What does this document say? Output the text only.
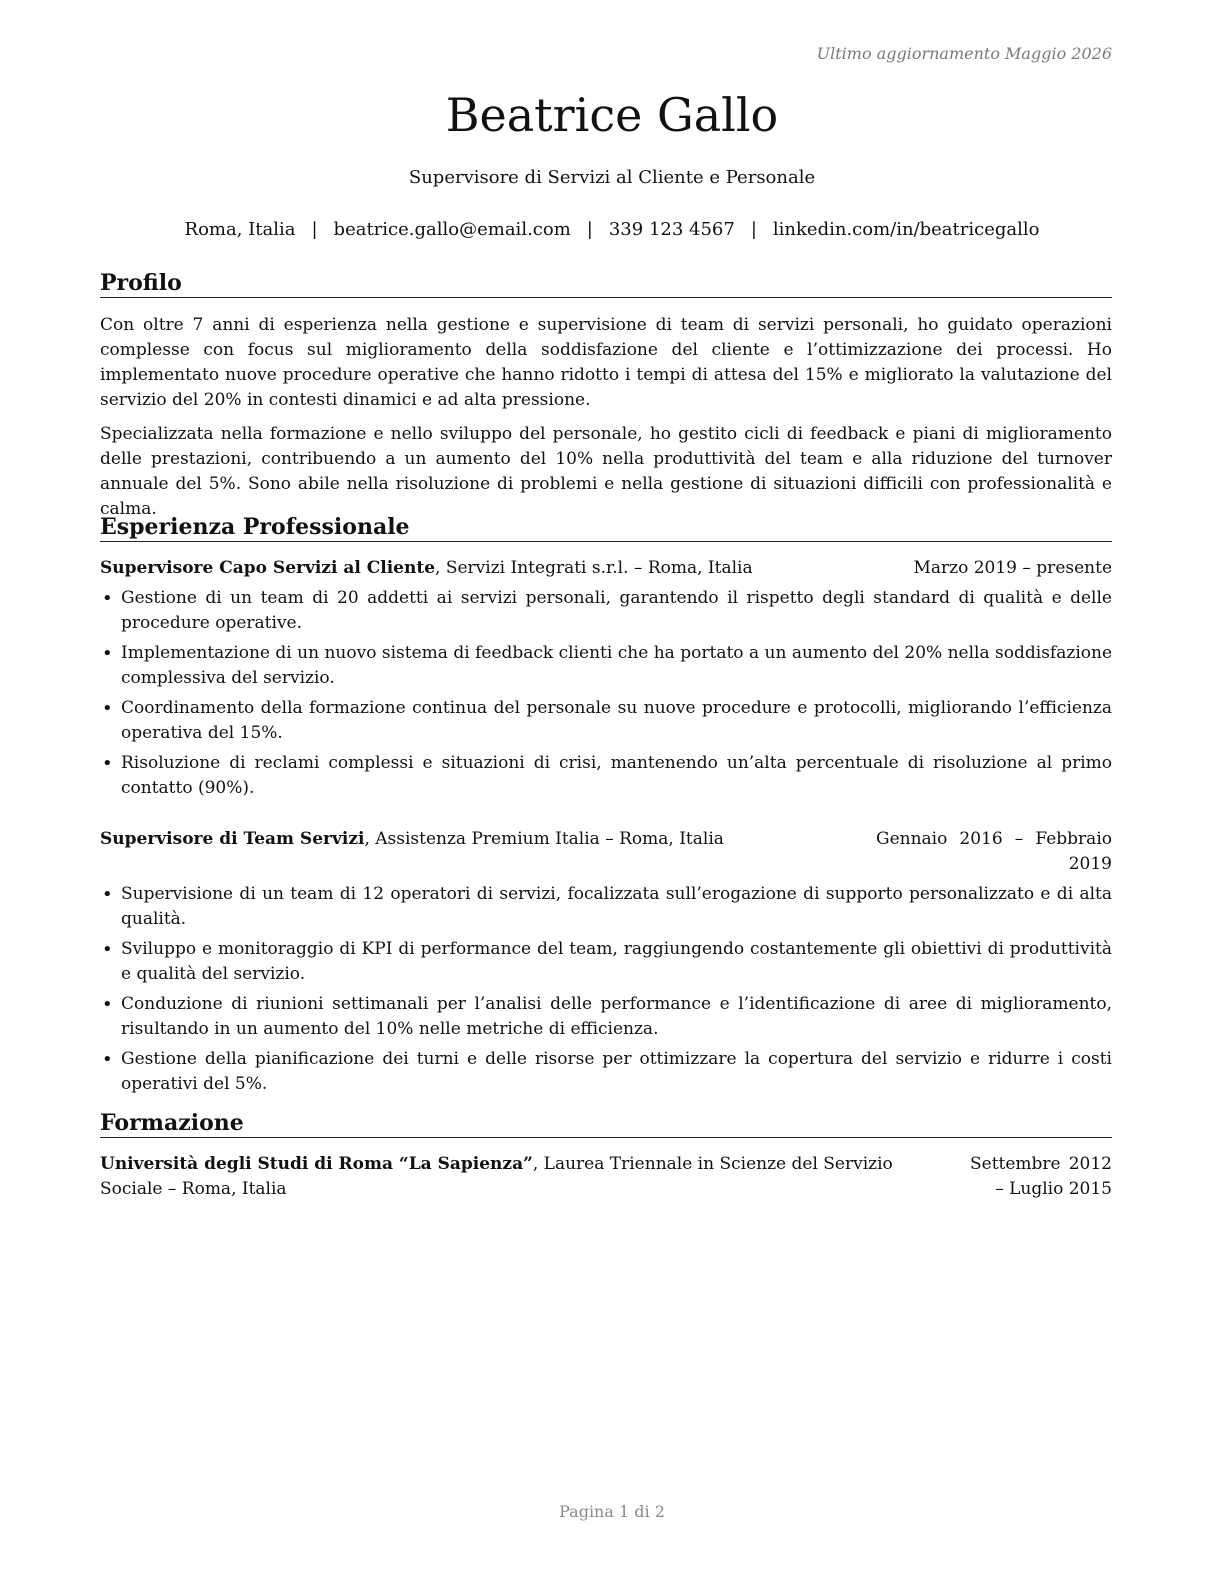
Ultimo aggiornamento Maggio 2026
Beatrice Gallo
Supervisore di Servizi al Cliente e Personale
Roma, Italia | beatrice.gallo@email.com | 339 123 4567 | linkedin.com/in/beatricegallo
Profilo

Con oltre 7 anni di esperienza nella gestione e supervisione di team di servizi personali, ho guidato operazioni complesse con focus sul miglioramento della soddisfazione del cliente e l’ottimizzazione dei processi. Ho implementato nuove procedure operative che hanno ridotto i tempi di attesa del 15% e migliorato la valutazione del servizio del 20% in contesti dinamici e ad alta pressione.

Specializzata nella formazione e nello sviluppo del personale, ho gestito cicli di feedback e piani di miglioramento delle prestazioni, contribuendo a un aumento del 10% nella produttività del team e alla riduzione del turnover annuale del 5%. Sono abile nella risoluzione di problemi e nella gestione di situazioni difficili con professionalità e calma.

Esperienza Professionale
Supervisore Capo Servizi al Cliente, Servizi Integrati s.r.l. – Roma, Italia	Marzo 2019 – presente
• Gestione di un team di 20 addetti ai servizi personali, garantendo il rispetto degli standard di qualità e delle procedure operative.
• Implementazione di un nuovo sistema di feedback clienti che ha portato a un aumento del 20% nella soddisfazione complessiva del servizio.
• Coordinamento della formazione continua del personale su nuove procedure e protocolli, migliorando l’efficienza operativa del 15%.
• Risoluzione di reclami complessi e situazioni di crisi, mantenendo un’alta percentuale di risoluzione al primo contatto (90%).
Supervisore di Team Servizi, Assistenza Premium Italia – Roma, Italia	Gennaio 2016 – Febbraio 2019
• Supervisione di un team di 12 operatori di servizi, focalizzata sull’erogazione di supporto personalizzato e di alta qualità.
• Sviluppo e monitoraggio di KPI di performance del team, raggiungendo costantemente gli obiettivi di produttività e qualità del servizio.
• Conduzione di riunioni settimanali per l’analisi delle performance e l’identificazione di aree di miglioramento, risultando in un aumento del 10% nelle metriche di efficienza.
• Gestione della pianificazione dei turni e delle risorse per ottimizzare la copertura del servizio e ridurre i costi operativi del 5%.
Formazione
Università degli Studi di Roma “La Sapienza”, Laurea Triennale in Scienze del Servizio Sociale – Roma, Italia
Settembre 2012 – Luglio 2015
Pagina 1 di 2
